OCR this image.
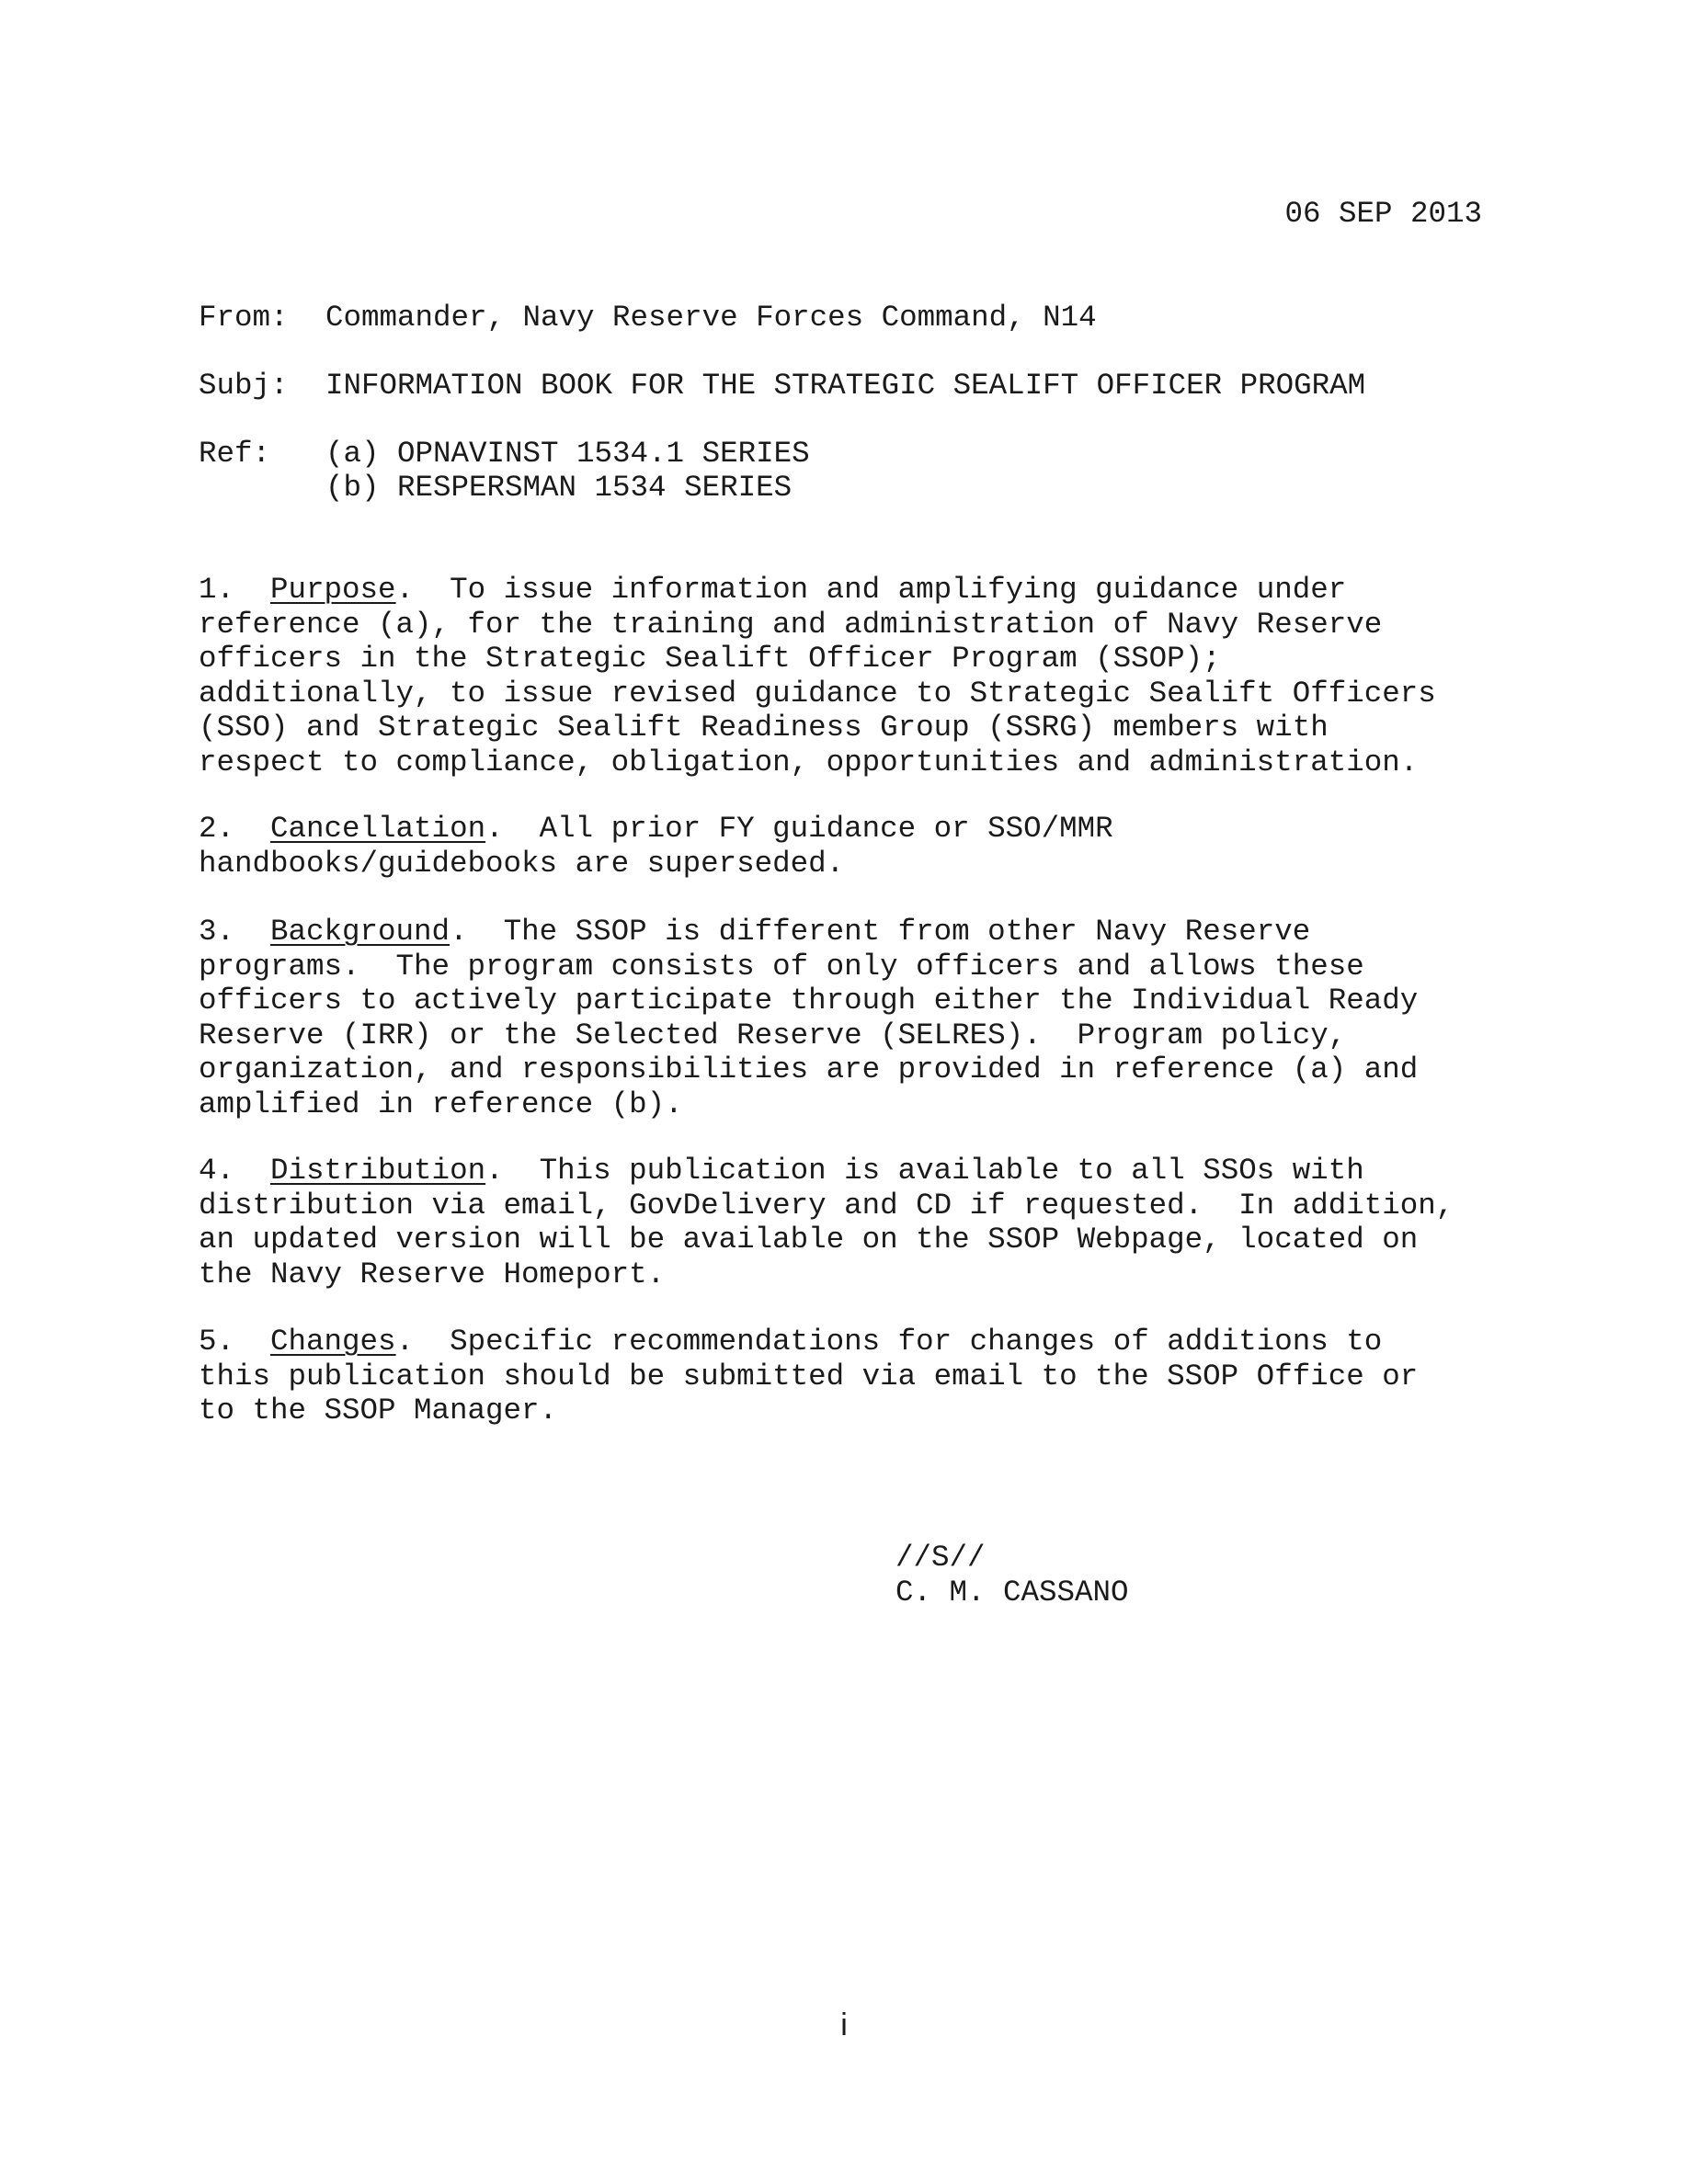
06 SEP 2013
From: Commander, Navy Reserve Forces Command, N14
Subj: INFORMATION BOOK FOR THE STRATEGIC SEALIFT OFFICER PROGRAM
Ref: (a) OPNAVINST 1534.1 SERIES
(b) RESPERSMAN 1534 SERIES
1. Purpose.  To issue information and amplifying guidance under
reference (a), for the training and administration of Navy Reserve
officers in the Strategic Sealift Officer Program (SSOP);
additionally, to issue revised guidance to Strategic Sealift Officers
(SSO) and Strategic Sealift Readiness Group (SSRG) members with
respect to compliance, obligation, opportunities and administration.
2. Cancellation.  All prior FY guidance or SSO/MMR
handbooks/guidebooks are superseded.
3. Background.  The SSOP is different from other Navy Reserve
programs.  The program consists of only officers and allows these
officers to actively participate through either the Individual Ready
Reserve (IRR) or the Selected Reserve (SELRES).  Program policy,
organization, and responsibilities are provided in reference (a) and
amplified in reference (b).
4. Distribution.  This publication is available to all SSOs with
distribution via email, GovDelivery and CD if requested.  In addition,
an updated version will be available on the SSOP Webpage, located on
the Navy Reserve Homeport.
5. Changes.  Specific recommendations for changes of additions to
this publication should be submitted via email to the SSOP Office or
to the SSOP Manager.
//S//
C. M. CASSANO
i
